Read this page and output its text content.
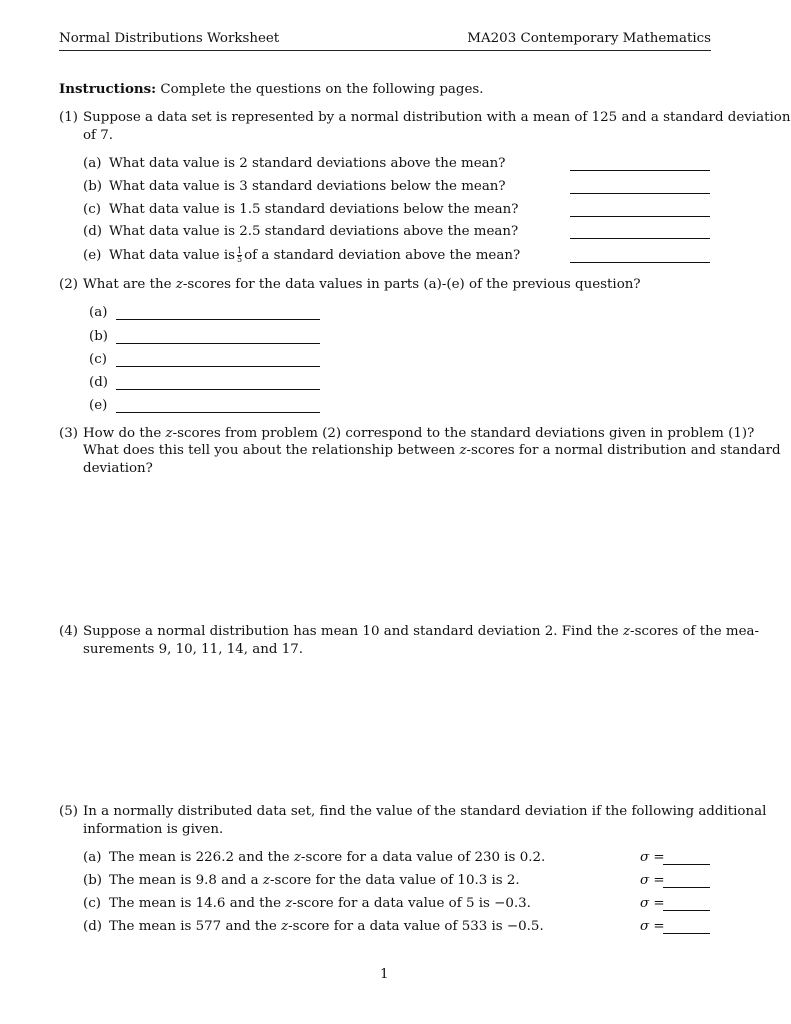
Normal Distributions Worksheet	MA203 Contemporary Mathematics
Instructions: Complete the questions on the following pages.
(1) Suppose a data set is represented by a normal distribution with a mean of 125 and a standard deviation
of 7.
(a) What data value is 2 standard deviations above the mean?
(b) What data value is 3 standard deviations below the mean?
(c) What data value is 1.5 standard deviations below the mean?
(d) What data value is 2.5 standard deviations above the mean?
(e) What data value is $\frac{1}{5}$ of a standard deviation above the mean?
(2) What are the
z -scores for the data values in parts (a)-(e) of the previous question?
(a)
(b)
(c)
(d)
(e)
(3) How do the
z -scores from problem (2) correspond to the standard deviations given in problem (1)?
What does this tell you about the relationship between z-scores for a normal distribution and standard
deviation?
(4) Suppose a normal distribution has mean 10 and standard deviation 2. Find the
z -scores of the mea-
surements 9, 10, 11, 14, and 17.
(5) In a normally distributed data set, find the value of the standard deviation if the following additional
information is given.
(a) The mean is 226.2 and the
z -score for a data value of 230 is 0.2.	σ =
(b) The mean is 9.8 and a
z -score for the data value of 10.3 is 2.	σ =
(c) The mean is 14.6 and the
z -score for a data value of 5 is −0.3.	σ =
(d) The mean is 577 and the
z -score for a data value of 533 is −0.5.	σ =
1
